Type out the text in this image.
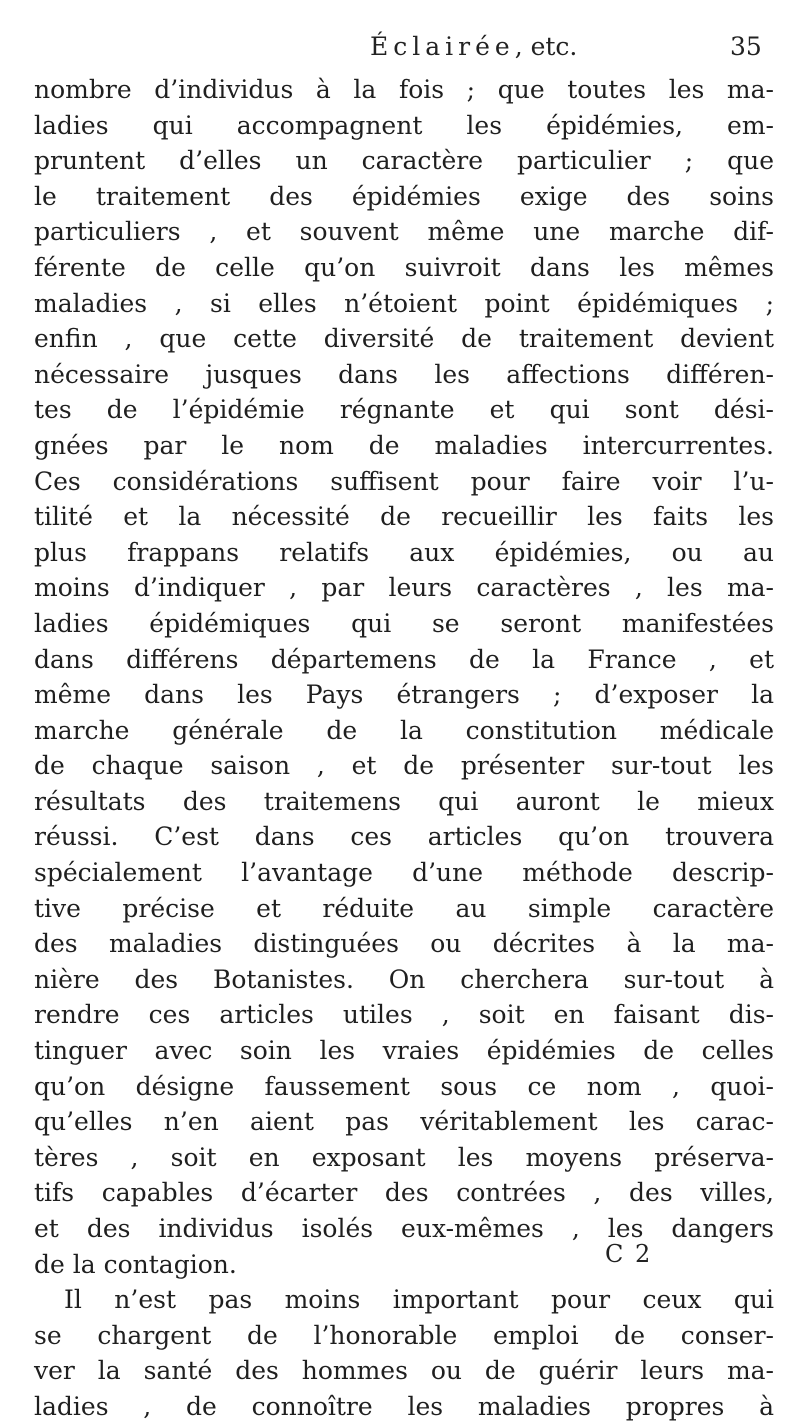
Éclairée, etc.	35
nombre d’individus à la fois ; que toutes les ma-
ladies qui accompagnent les épidémies, em-
pruntent d’elles un caractère particulier ; que
le traitement des épidémies exige des soins
particuliers , et souvent même une marche dif-
férente de celle qu’on suivroit dans les mêmes
maladies , si elles n’étoient point épidémiques ;
enfin , que cette diversité de traitement devient
nécessaire jusques dans les affections différen-
tes de l’épidémie régnante et qui sont dési-
gnées par le nom de maladies intercurrentes.
Ces considérations suffisent pour faire voir l’u-
tilité et la nécessité de recueillir les faits les
plus frappans relatifs aux épidémies, ou au
moins d’indiquer , par leurs caractères , les ma-
ladies épidémiques qui se seront manifestées
dans différens départemens de la France , et
même dans les Pays étrangers ; d’exposer la
marche générale de la constitution médicale
de chaque saison , et de présenter sur-tout les
résultats des traitemens qui auront le mieux
réussi. C’est dans ces articles qu’on trouvera
spécialement l’avantage d’une méthode descrip-
tive précise et réduite au simple caractère
des maladies distinguées ou décrites à la ma-
nière des Botanistes. On cherchera sur-tout à
rendre ces articles utiles , soit en faisant dis-
tinguer avec soin les vraies épidémies de celles
qu’on désigne faussement sous ce nom , quoi-
qu’elles n’en aient pas véritablement les carac-
tères , soit en exposant les moyens préserva-
tifs capables d’écarter des contrées , des villes,
et des individus isolés eux-mêmes , les dangers
de la contagion.
Il n’est pas moins important pour ceux qui
se chargent de l’honorable emploi de conser-
ver la santé des hommes ou de guérir leurs ma-
ladies , de connoître les maladies propres à
C 2
